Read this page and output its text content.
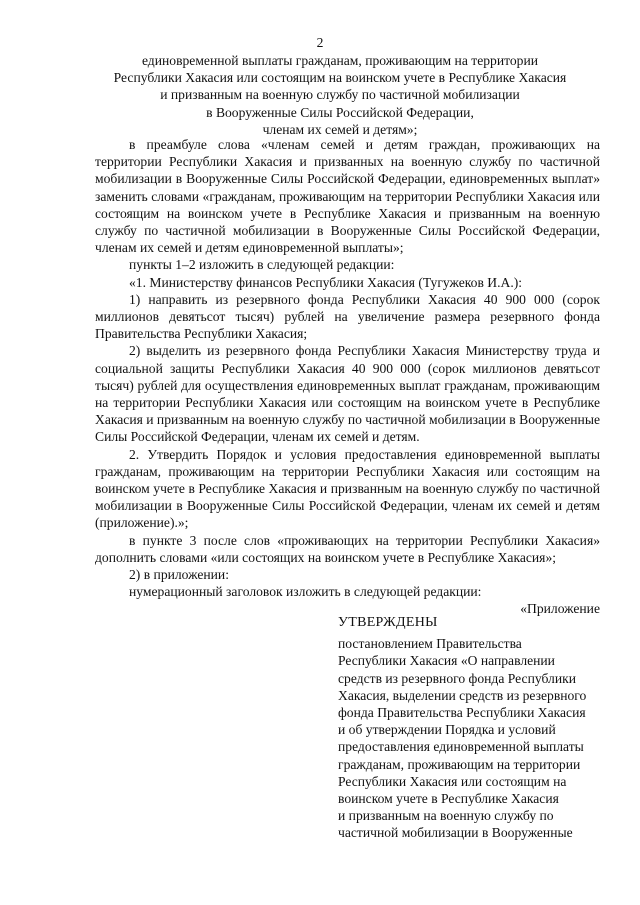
2
единовременной выплаты гражданам, проживающим на территории
Республики Хакасия или состоящим на воинском учете в Республике Хакасия
и призванным на военную службу по частичной мобилизации
в Вооруженные Силы Российской Федерации,
членам их семей и детям»;

в преамбуле слова «членам семей и детям граждан, проживающих на территории Республики Хакасия и призванных на военную службу по частичной мобилизации в Вооруженные Силы Российской Федерации, единовременных выплат» заменить словами «гражданам, проживающим на территории Республики Хакасия или состоящим на воинском учете в Республике Хакасия и призванным на военную службу по частичной мобилизации в Вооруженные Силы Российской Федерации, членам их семей и детям единовременной выплаты»;

пункты 1–2 изложить в следующей редакции:

«1. Министерству финансов Республики Хакасия (Тугужеков И.А.):

1) направить из резервного фонда Республики Хакасия 40 900 000 (сорок миллионов девятьсот тысяч) рублей на увеличение размера резервного фонда Правительства Республики Хакасия;

2) выделить из резервного фонда Республики Хакасия Министерству труда и социальной защиты Республики Хакасия 40 900 000 (сорок миллионов девятьсот тысяч) рублей для осуществления единовременных выплат гражданам, проживающим на территории Республики Хакасия или состоящим на воинском учете в Республике Хакасия и призванным на военную службу по частичной мобилизации в Вооруженные Силы Российской Федерации, членам их семей и детям.

2. Утвердить Порядок и условия предоставления единовременной выплаты гражданам, проживающим на территории Республики Хакасия или состоящим на воинском учете в Республике Хакасия и призванным на военную службу по частичной мобилизации в Вооруженные Силы Российской Федерации, членам их семей и детям (приложение).»;

в пункте 3 после слов «проживающих на территории Республики Хакасия» дополнить словами «или состоящих на воинском учете в Республике Хакасия»;

2) в приложении:

нумерационный заголовок изложить в следующей редакции:

«Приложение

УТВЕРЖДЕНЫ
постановлением Правительства
Республики Хакасия «О направлении
средств из резервного фонда Республики
Хакасия, выделении средств из резервного
фонда Правительства Республики Хакасия
и об утверждении Порядка и условий
предоставления единовременной выплаты
гражданам, проживающим на территории
Республики Хакасия или состоящим на
воинском учете в Республике Хакасия
и призванным на военную службу по
частичной мобилизации в Вооруженные
